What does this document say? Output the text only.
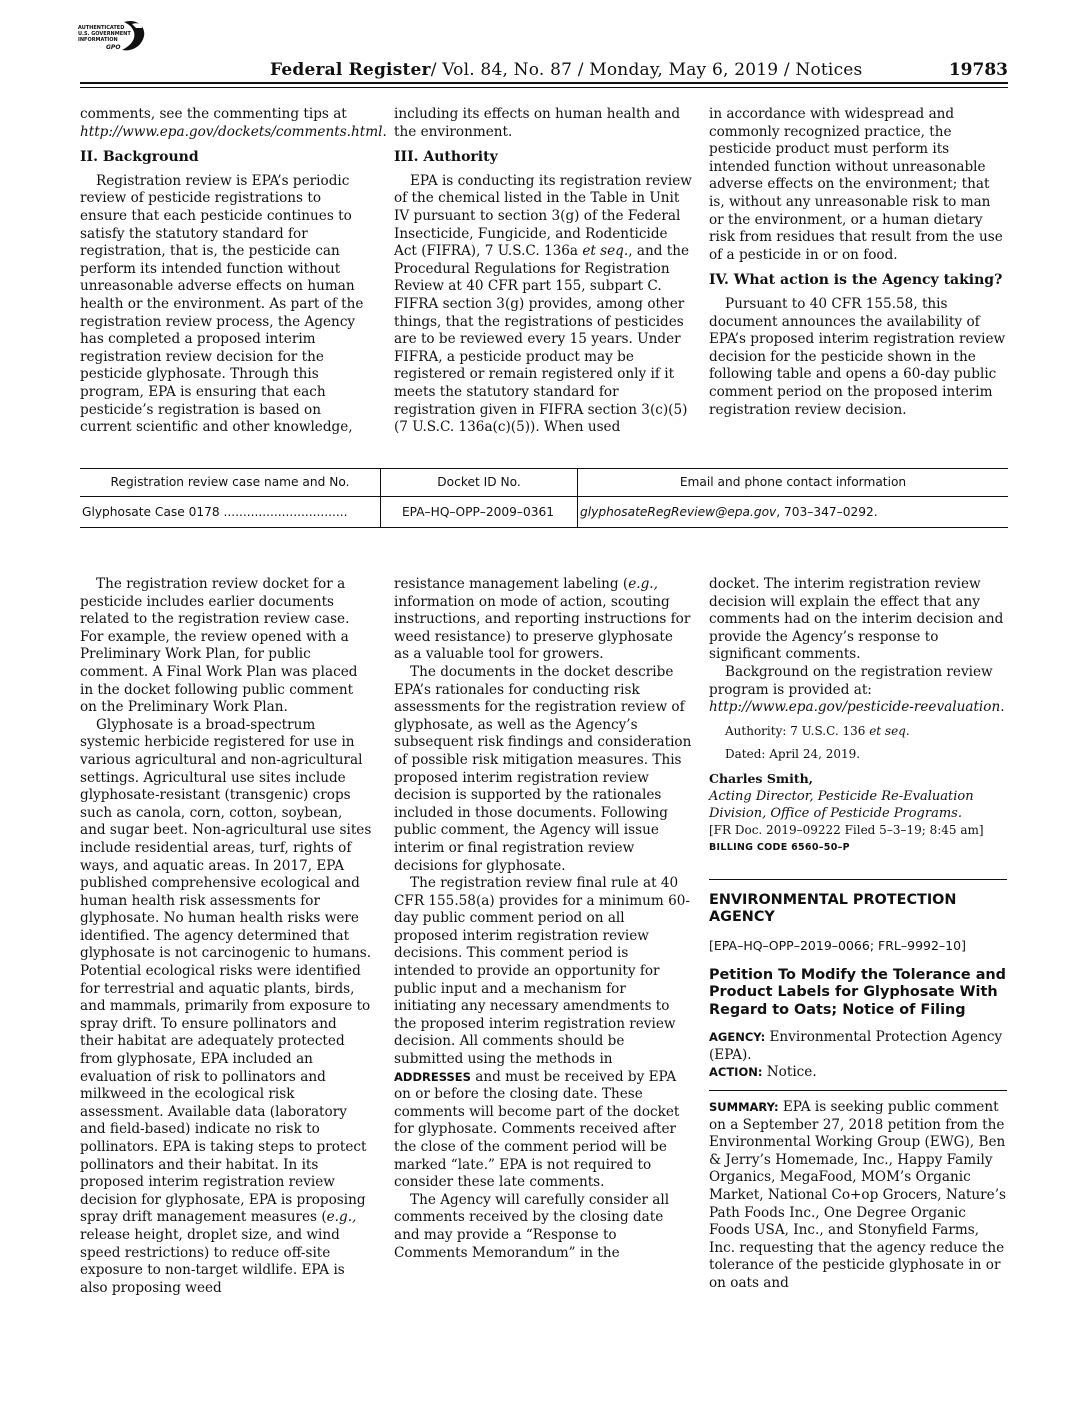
AUTHENTICATED
U.S. GOVERNMENT
INFORMATION
GPO
Federal Register/ Vol. 84, No. 87 / Monday, May 6, 2019 / Notices	19783

comments, see the commenting tips at http://www.epa.gov/dockets/comments.html.

II. Background

Registration review is EPA’s periodic review of pesticide registrations to ensure that each pesticide continues to satisfy the statutory standard for registration, that is, the pesticide can perform its intended function without unreasonable adverse effects on human health or the environment. As part of the registration review process, the Agency has completed a proposed interim registration review decision for the pesticide glyphosate. Through this program, EPA is ensuring that each pesticide’s registration is based on current scientific and other knowledge,

including its effects on human health and the environment.

III. Authority

EPA is conducting its registration review of the chemical listed in the Table in Unit IV pursuant to section 3(g) of the Federal Insecticide, Fungicide, and Rodenticide Act (FIFRA), 7 U.S.C. 136a et seq., and the Procedural Regulations for Registration Review at 40 CFR part 155, subpart C. FIFRA section 3(g) provides, among other things, that the registrations of pesticides are to be reviewed every 15 years. Under FIFRA, a pesticide product may be registered or remain registered only if it meets the statutory standard for registration given in FIFRA section 3(c)(5) (7 U.S.C. 136a(c)(5)). When used

in accordance with widespread and commonly recognized practice, the pesticide product must perform its intended function without unreasonable adverse effects on the environment; that is, without any unreasonable risk to man or the environment, or a human dietary risk from residues that result from the use of a pesticide in or on food.

IV. What action is the Agency taking?

Pursuant to 40 CFR 155.58, this document announces the availability of EPA’s proposed interim registration review decision for the pesticide shown in the following table and opens a 60-day public comment period on the proposed interim registration review decision.

Registration review case name and No.	Docket ID No.	Email and phone contact information
Glyphosate Case 0178 ................................	EPA–HQ–OPP–2009–0361	glyphosateRegReview@epa.gov, 703–347–0292.

The registration review docket for a pesticide includes earlier documents related to the registration review case. For example, the review opened with a Preliminary Work Plan, for public comment. A Final Work Plan was placed in the docket following public comment on the Preliminary Work Plan.

Glyphosate is a broad-spectrum systemic herbicide registered for use in various agricultural and non-agricultural settings. Agricultural use sites include glyphosate-resistant (transgenic) crops such as canola, corn, cotton, soybean, and sugar beet. Non-agricultural use sites include residential areas, turf, rights of ways, and aquatic areas. In 2017, EPA published comprehensive ecological and human health risk assessments for glyphosate. No human health risks were identified. The agency determined that glyphosate is not carcinogenic to humans. Potential ecological risks were identified for terrestrial and aquatic plants, birds, and mammals, primarily from exposure to spray drift. To ensure pollinators and their habitat are adequately protected from glyphosate, EPA included an evaluation of risk to pollinators and milkweed in the ecological risk assessment. Available data (laboratory and field-based) indicate no risk to pollinators. EPA is taking steps to protect pollinators and their habitat. In its proposed interim registration review decision for glyphosate, EPA is proposing spray drift management measures (e.g., release height, droplet size, and wind speed restrictions) to reduce off-site exposure to non-target wildlife. EPA is also proposing weed

resistance management labeling (e.g., information on mode of action, scouting instructions, and reporting instructions for weed resistance) to preserve glyphosate as a valuable tool for growers.

The documents in the docket describe EPA’s rationales for conducting risk assessments for the registration review of glyphosate, as well as the Agency’s subsequent risk findings and consideration of possible risk mitigation measures. This proposed interim registration review decision is supported by the rationales included in those documents. Following public comment, the Agency will issue interim or final registration review decisions for glyphosate.

The registration review final rule at 40 CFR 155.58(a) provides for a minimum 60-day public comment period on all proposed interim registration review decisions. This comment period is intended to provide an opportunity for public input and a mechanism for initiating any necessary amendments to the proposed interim registration review decision. All comments should be submitted using the methods in ADDRESSES and must be received by EPA on or before the closing date. These comments will become part of the docket for glyphosate. Comments received after the close of the comment period will be marked “late.” EPA is not required to consider these late comments.

The Agency will carefully consider all comments received by the closing date and may provide a “Response to Comments Memorandum” in the

docket. The interim registration review decision will explain the effect that any comments had on the interim decision and provide the Agency’s response to significant comments.

Background on the registration review program is provided at: http://www.epa.gov/pesticide-reevaluation.

Authority: 7 U.S.C. 136 et seq.

Dated: April 24, 2019.

Charles Smith,

Acting Director, Pesticide Re-Evaluation Division, Office of Pesticide Programs.

[FR Doc. 2019–09222 Filed 5–3–19; 8:45 am]

BILLING CODE 6560–50–P

ENVIRONMENTAL PROTECTION AGENCY

[EPA–HQ–OPP–2019–0066; FRL–9992–10]

Petition To Modify the Tolerance and Product Labels for Glyphosate With Regard to Oats; Notice of Filing

AGENCY: Environmental Protection Agency (EPA).

ACTION: Notice.

SUMMARY: EPA is seeking public comment on a September 27, 2018 petition from the Environmental Working Group (EWG), Ben & Jerry’s Homemade, Inc., Happy Family Organics, MegaFood, MOM’s Organic Market, National Co+op Grocers, Nature’s Path Foods Inc., One Degree Organic Foods USA, Inc., and Stonyfield Farms, Inc. requesting that the agency reduce the tolerance of the pesticide glyphosate in or on oats and
